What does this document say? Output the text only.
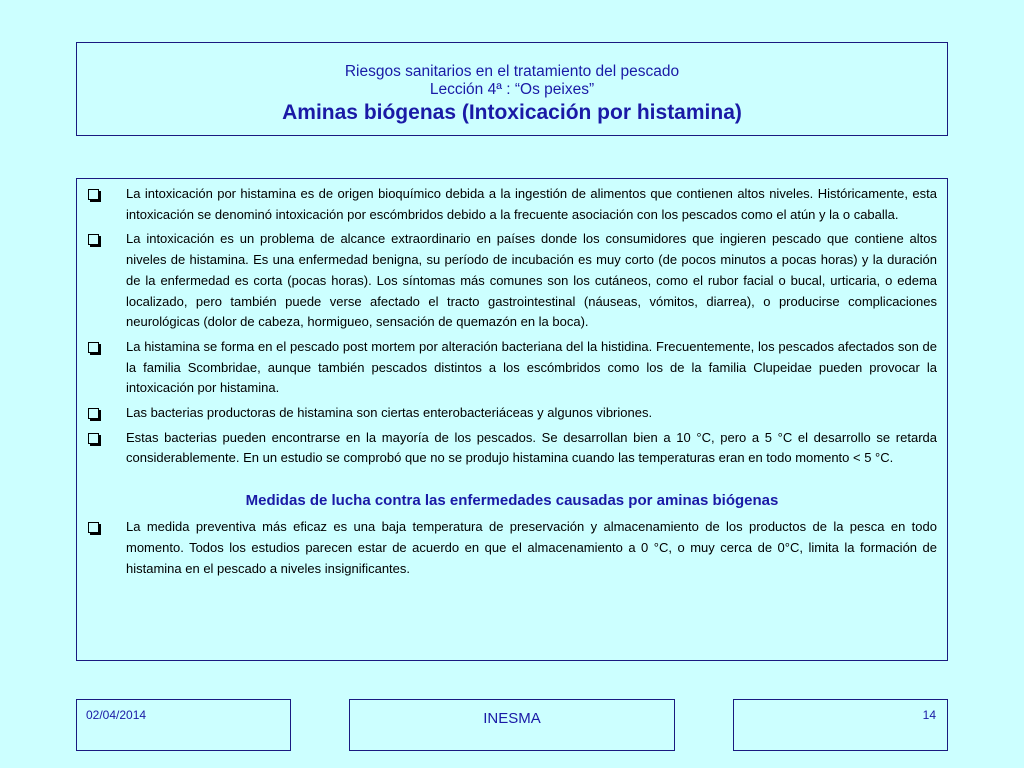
Riesgos sanitarios en el tratamiento del pescado
Lección 4ª : “Os peixes”
Aminas biógenas (Intoxicación por histamina)
La intoxicación por histamina es de origen bioquímico debida a la ingestión de alimentos que contienen altos niveles. Históricamente, esta intoxicación se denominó intoxicación por escómbridos debido a la frecuente asociación con los pescados como el atún y la o caballa.
La intoxicación es un problema de alcance extraordinario en países donde los consumidores que ingieren pescado que contiene altos niveles de histamina. Es una enfermedad benigna, su período de incubación es muy corto (de pocos minutos a pocas horas) y la duración de la enfermedad es corta (pocas horas). Los síntomas más comunes son los cutáneos, como el rubor facial o bucal, urticaria, o edema localizado, pero también puede verse afectado el tracto gastrointestinal (náuseas, vómitos, diarrea), o producirse complicaciones neurológicas (dolor de cabeza, hormigueo, sensación de quemazón en la boca).
La histamina se forma en el pescado post mortem por alteración bacteriana del la histidina. Frecuentemente, los pescados afectados son de la familia Scombridae, aunque también pescados distintos a los escómbridos como los de la familia Clupeidae pueden provocar la intoxicación por histamina.
Las bacterias productoras de histamina son ciertas enterobacteriáceas y algunos vibriones.
Estas bacterias pueden encontrarse en la mayoría de los pescados. Se desarrollan bien a 10 °C, pero a 5 °C el desarrollo se retarda considerablemente. En un estudio se comprobó que no se produjo histamina cuando las temperaturas eran en todo momento < 5 °C.
Medidas de lucha contra las enfermedades causadas por aminas biógenas
La medida preventiva más eficaz es una baja temperatura de preservación y almacenamiento de los productos de la pesca en todo momento. Todos los estudios parecen estar de acuerdo en que el almacenamiento a 0 °C, o muy cerca de 0°C, limita la formación de histamina en el pescado a niveles insignificantes.
02/04/2014	INESMA	14
